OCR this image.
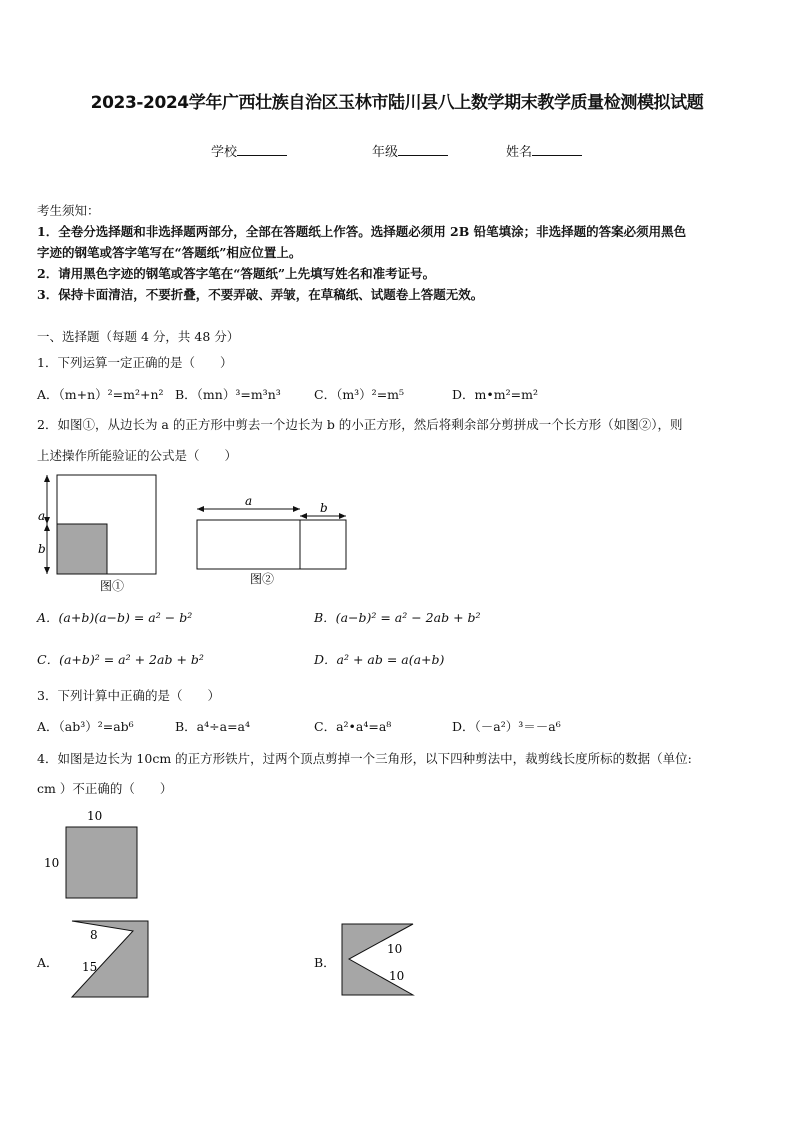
2023-2024学年广西壮族自治区玉林市陆川县八上数学期末教学质量检测模拟试题
学校	年级	姓名
考生须知：
1．全卷分选择题和非选择题两部分，全部在答题纸上作答。选择题必须用 2B 铅笔填涂；非选择题的答案必须用黑色
字迹的钢笔或答字笔写在“答题纸”相应位置上。
2．请用黑色字迹的钢笔或答字笔在“答题纸”上先填写姓名和准考证号。
3．保持卡面清洁，不要折叠，不要弄破、弄皱，在草稿纸、试题卷上答题无效。
一、选择题（每题 4 分，共 48 分）
1．下列运算一定正确的是（　　）
A．（m+n）²=m²+n² B．（mn）³=m³n³	C．（m³）²=m⁵	D．m•m²=m²
2．如图①，从边长为 a 的正方形中剪去一个边长为 b 的小正方形，然后将剩余部分剪拼成一个长方形（如图②），则
上述操作所能验证的公式是（　　）
a
b
图①
a	b
图②
A．(a+b)(a−b) = a² − b²	B．(a−b)² = a² − 2ab + b²
C．(a+b)² = a² + 2ab + b²	D．a² + ab = a(a+b)
3．下列计算中正确的是（　　）
A．（ab³）²=ab⁶	B．a⁴÷a=a⁴	C．a²•a⁴=a⁸	D．（－a²）³＝－a⁶
4．如图是边长为 10cm 的正方形铁片，过两个顶点剪掉一个三角形，以下四种剪法中，裁剪线长度所标的数据（单位:
cm ）不正确的（　　）
10
10
A．
8
15	B．
10
10
